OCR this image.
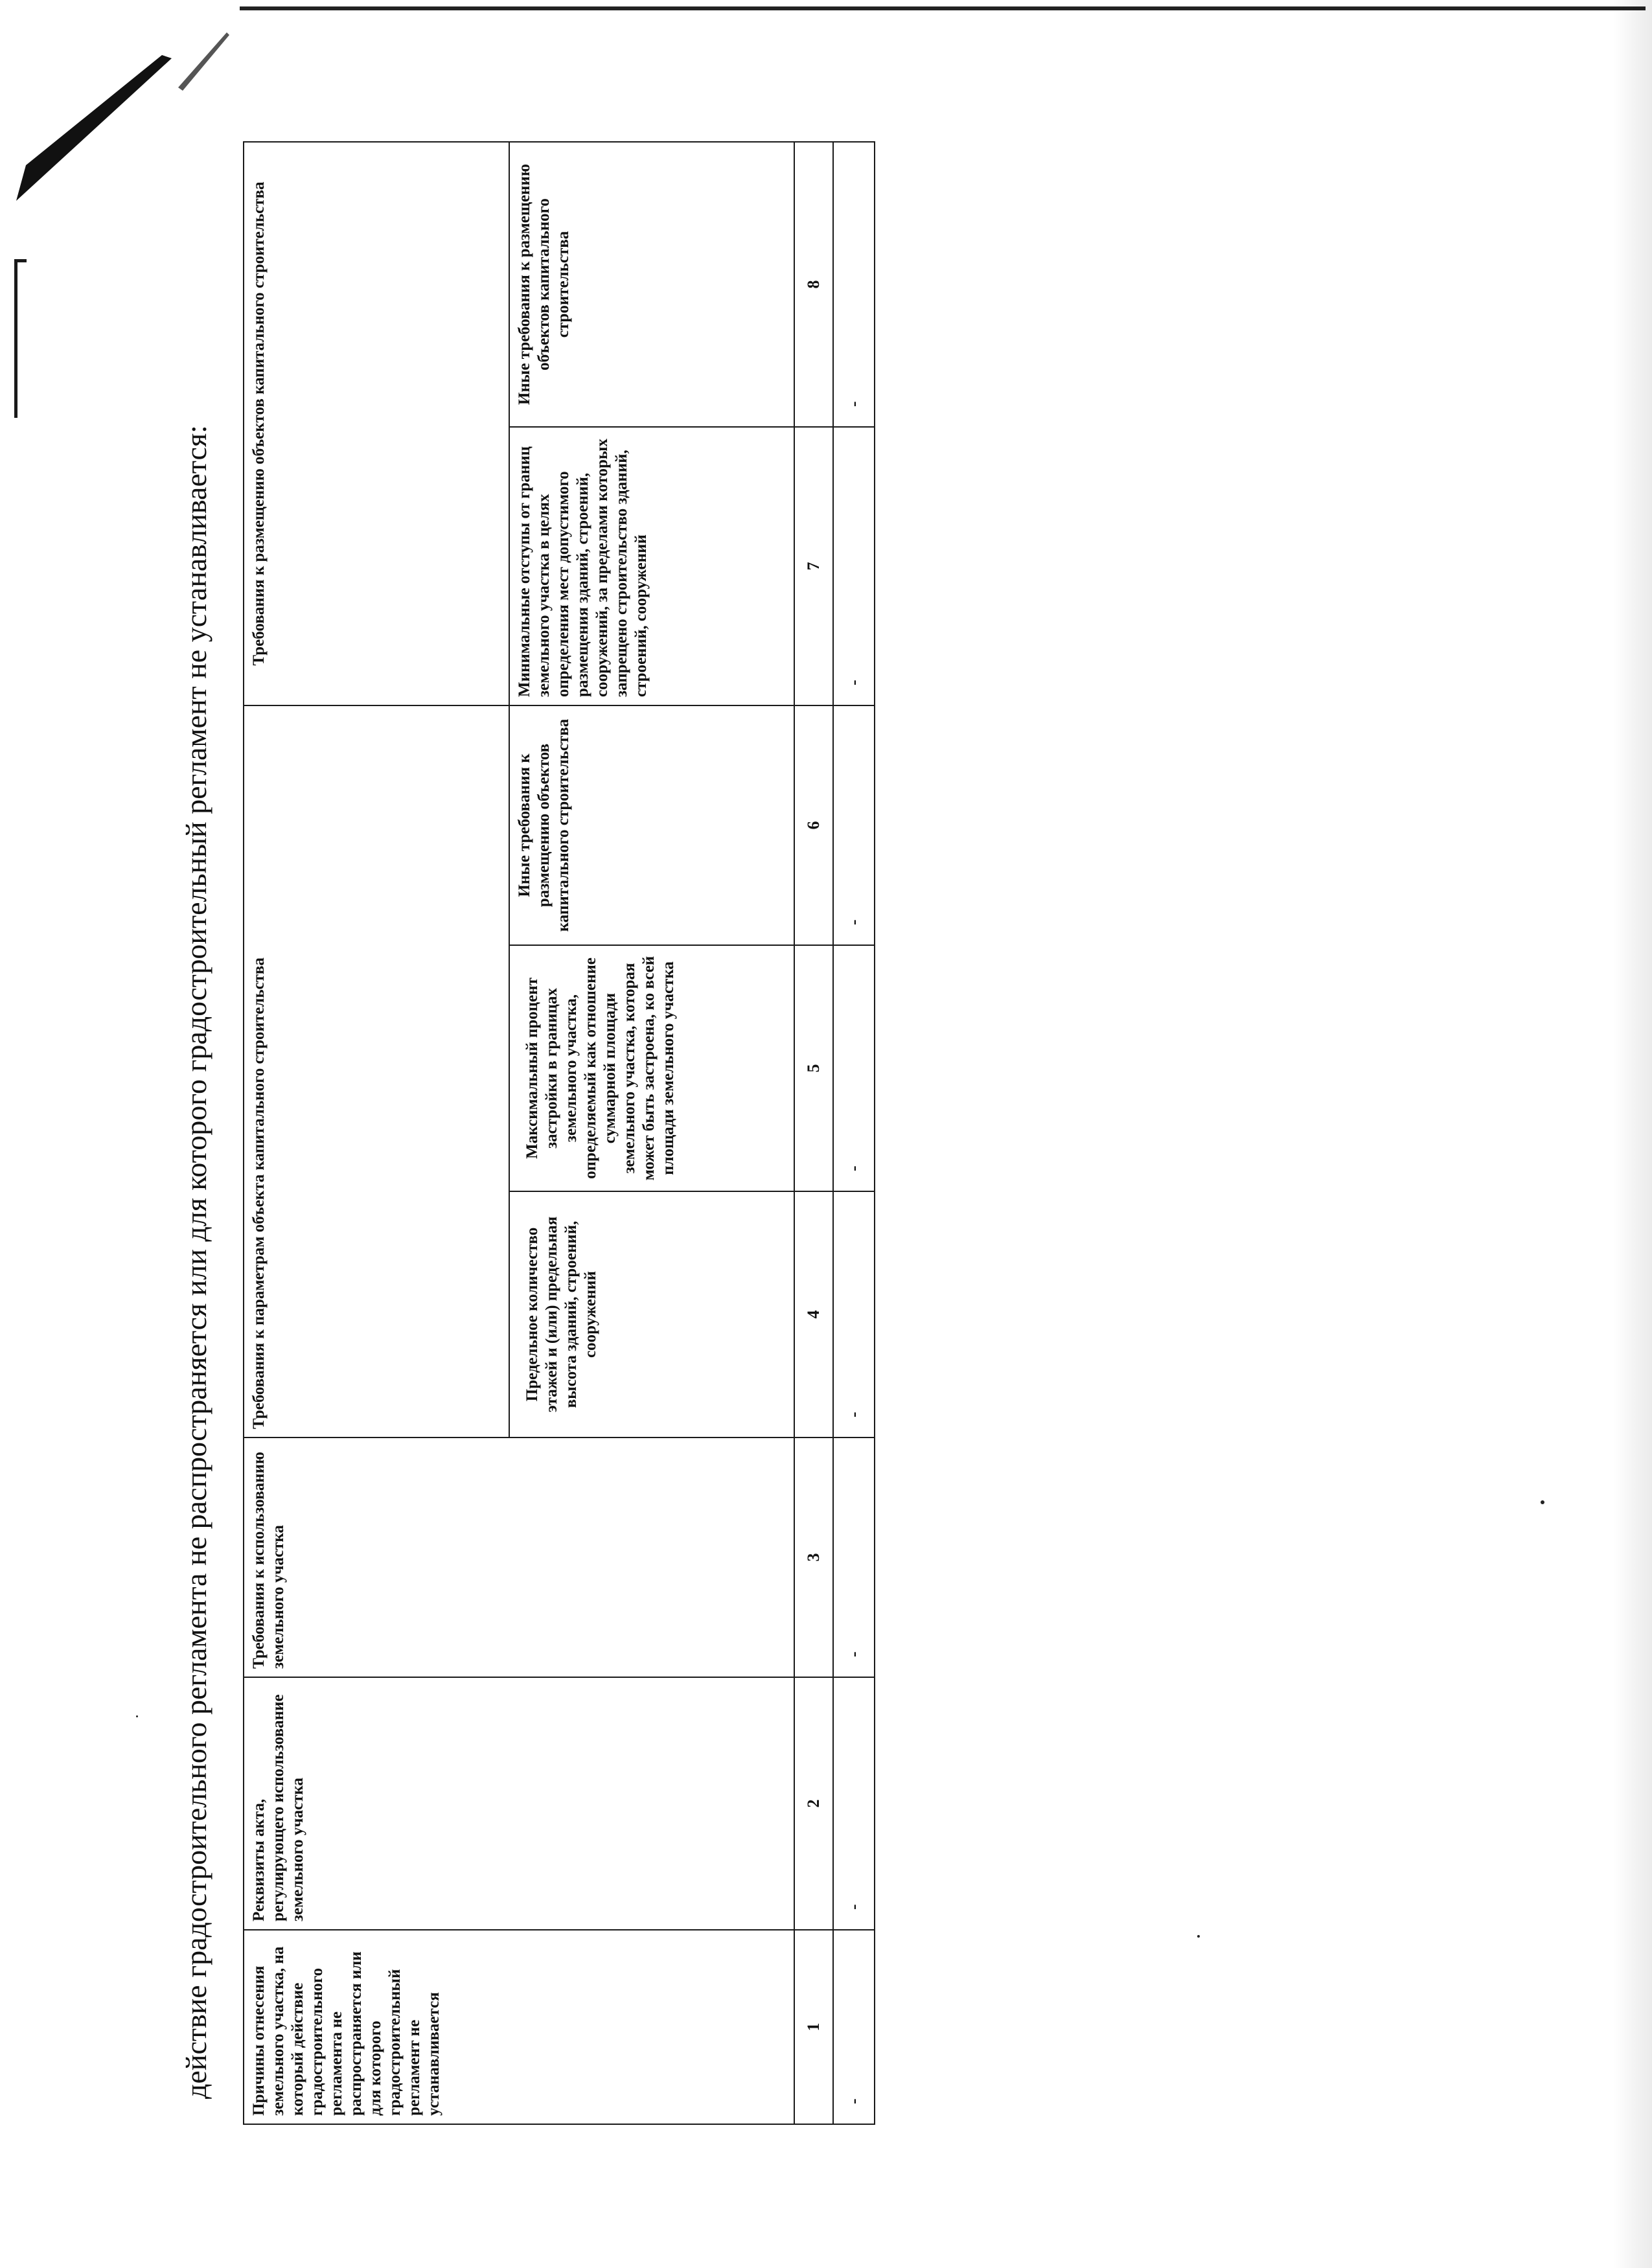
действие градостроительного регламента не распространяется или для которого градостроительный регламент не устанавливается: Причины отнесения земельного участка, на который действие градостроительного регламента не распространяется или для которого градостроительный регламент не устанавливается	Реквизиты акта, регулирующего использование земельного участка	Требования к использованию земельного участка	Требования к параметрам объекта капитального строительства			Требования к размещению объектов капитального строительства	
			Предельное количество этажей и (или) предельная высота зданий, строений, сооружений	Максимальный процент застройки в границах земельного участка, определяемый как отношение суммарной площади земельного участка, которая может быть застроена, ко всей площади земельного участка	Иные требования к размещению объектов капитального строительства	Минимальные отступы от границ земельного участка в целях определения мест допустимого размещения зданий, строений, сооружений, за пределами которых запрещено строительство зданий, строений, сооружений	Иные требования к размещению объектов капитального строительства
1	2	3	4	5	6	7	8
-	-	-	-	-	-	-	-
